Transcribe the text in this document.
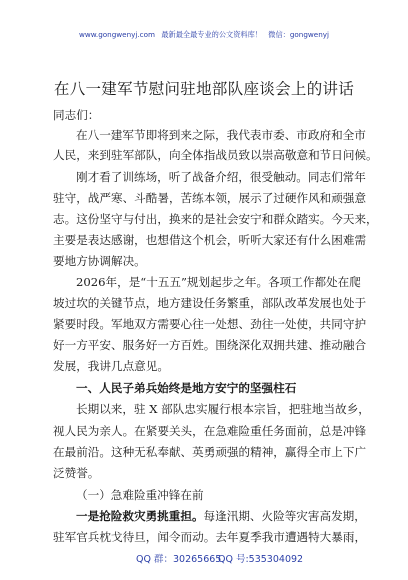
www.gongwenyj.com 最新最全最专业的公文资料库！ 微信：gongwenyj
在八一建军节慰问驻地部队座谈会上的讲话
同志们：
在八一建军节即将到来之际，我代表市委、市政府和全市
人民，来到驻军部队，向全体指战员致以崇高敬意和节日问候。
刚才看了训练场，听了战备介绍，很受触动。同志们常年
驻守，战严寒、斗酷暑，苦练本领，展示了过硬作风和顽强意
志。这份坚守与付出，换来的是社会安宁和群众踏实。今天来，
主要是表达感谢，也想借这个机会，听听大家还有什么困难需
要地方协调解决。
2026年，是“十五五”规划起步之年。各项工作都处在爬
坡过坎的关键节点，地方建设任务繁重，部队改革发展也处于
紧要时段。军地双方需要心往一处想、劲往一处使，共同守护
好一方平安、服务好一方百姓。围绕深化双拥共建、推动融合
发展，我讲几点意见。
一、人民子弟兵始终是地方安宁的坚强柱石
长期以来，驻 X 部队忠实履行根本宗旨，把驻地当故乡，
视人民为亲人。在紧要关头，在急难险重任务面前，总是冲锋
在最前沿。这种无私奉献、英勇顽强的精神，赢得全市上下广
泛赞誉。
（一）急难险重冲锋在前
一是抢险救灾勇挑重担。每逢汛期、火险等灾害高发期，
驻军官兵枕戈待旦，闻令而动。去年夏季我市遭遇特大暴雨，
QQ 群：30265665
QQ 号:535304092
